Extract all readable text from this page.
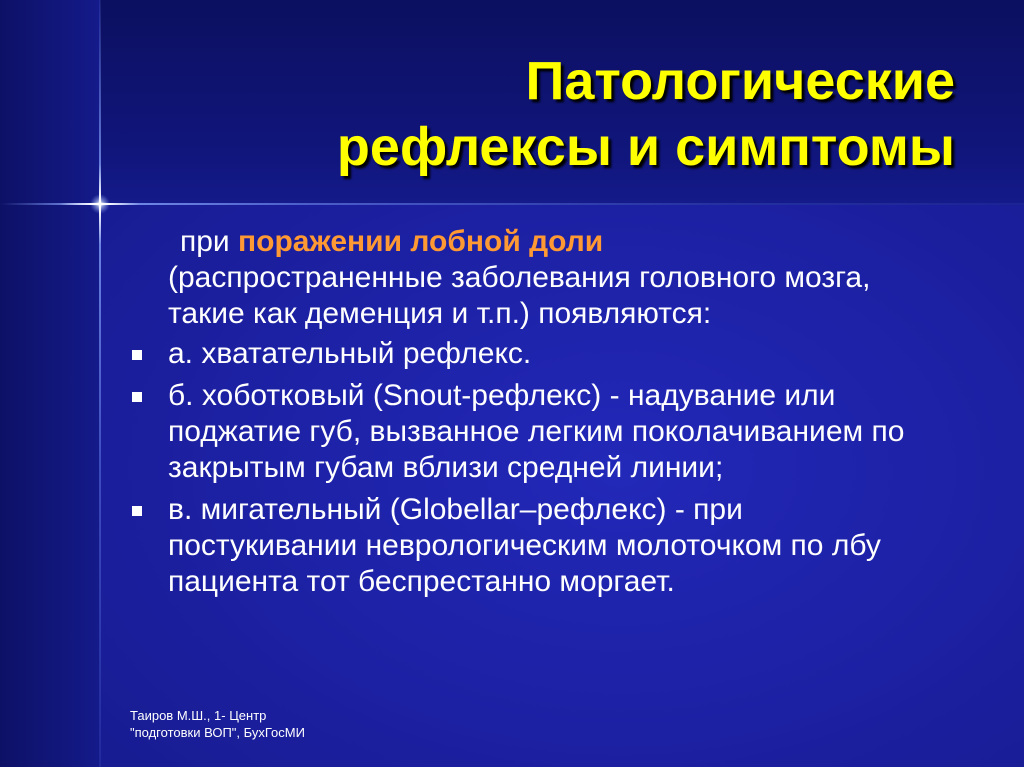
Патологические
рефлексы и симптомы

при поражении лобной доли
(распространенные заболевания головного мозга, такие как деменция и т.п.) появляются:

а. хватательный рефлекс.
б. хоботковый (Snout-рефлекс) - надувание или поджатие губ, вызванное легким поколачиванием по закрытым губам вблизи средней линии;
в. мигательный (Globellar–рефлекс) - при постукивании неврологическим молоточком по лбу пациента тот беспрестанно моргает.
Таиров М.Ш., 1- Центр
"подготовки ВОП", БухГосМИ
